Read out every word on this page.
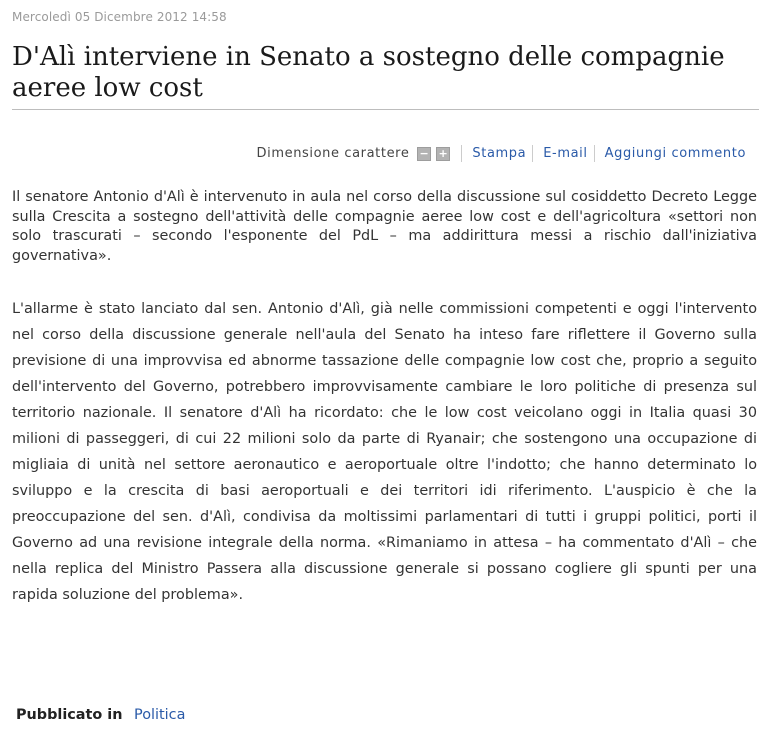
Mercoledì 05 Dicembre 2012 14:58
D'Alì interviene in Senato a sostegno delle compagnie aeree low cost
Dimensione carattere − + Stampa E-mail Aggiungi commento

Il senatore Antonio d'Alì è intervenuto in aula nel corso della discussione sul cosiddetto Decreto Legge sulla Crescita a sostegno dell'attività delle compagnie aeree low cost e dell'agricoltura «settori non solo trascurati – secondo l'esponente del PdL – ma addirittura messi a rischio dall'iniziativa governativa».

L'allarme è stato lanciato dal sen. Antonio d'Alì, già nelle commissioni competenti e oggi l'intervento nel corso della discussione generale nell'aula del Senato ha inteso fare riflettere il Governo sulla previsione di una improvvisa ed abnorme tassazione delle compagnie low cost che, proprio a seguito dell'intervento del Governo, potrebbero improvvisamente cambiare le loro politiche di presenza sul territorio nazionale. Il senatore d'Alì ha ricordato: che le low cost veicolano oggi in Italia quasi 30 milioni di passeggeri, di cui 22 milioni solo da parte di Ryanair; che sostengono una occupazione di migliaia di unità nel settore aeronautico e aeroportuale oltre l'indotto; che hanno determinato lo sviluppo e la crescita di basi aeroportuali e dei territori idi riferimento. L'auspicio è che la preoccupazione del sen. d'Alì, condivisa da moltissimi parlamentari di tutti i gruppi politici, porti il Governo ad una revisione integrale della norma. «Rimaniamo in attesa – ha commentato d'Alì – che nella replica del Ministro Passera alla discussione generale si possano cogliere gli spunti per una rapida soluzione del problema».

Pubblicato in Politica
